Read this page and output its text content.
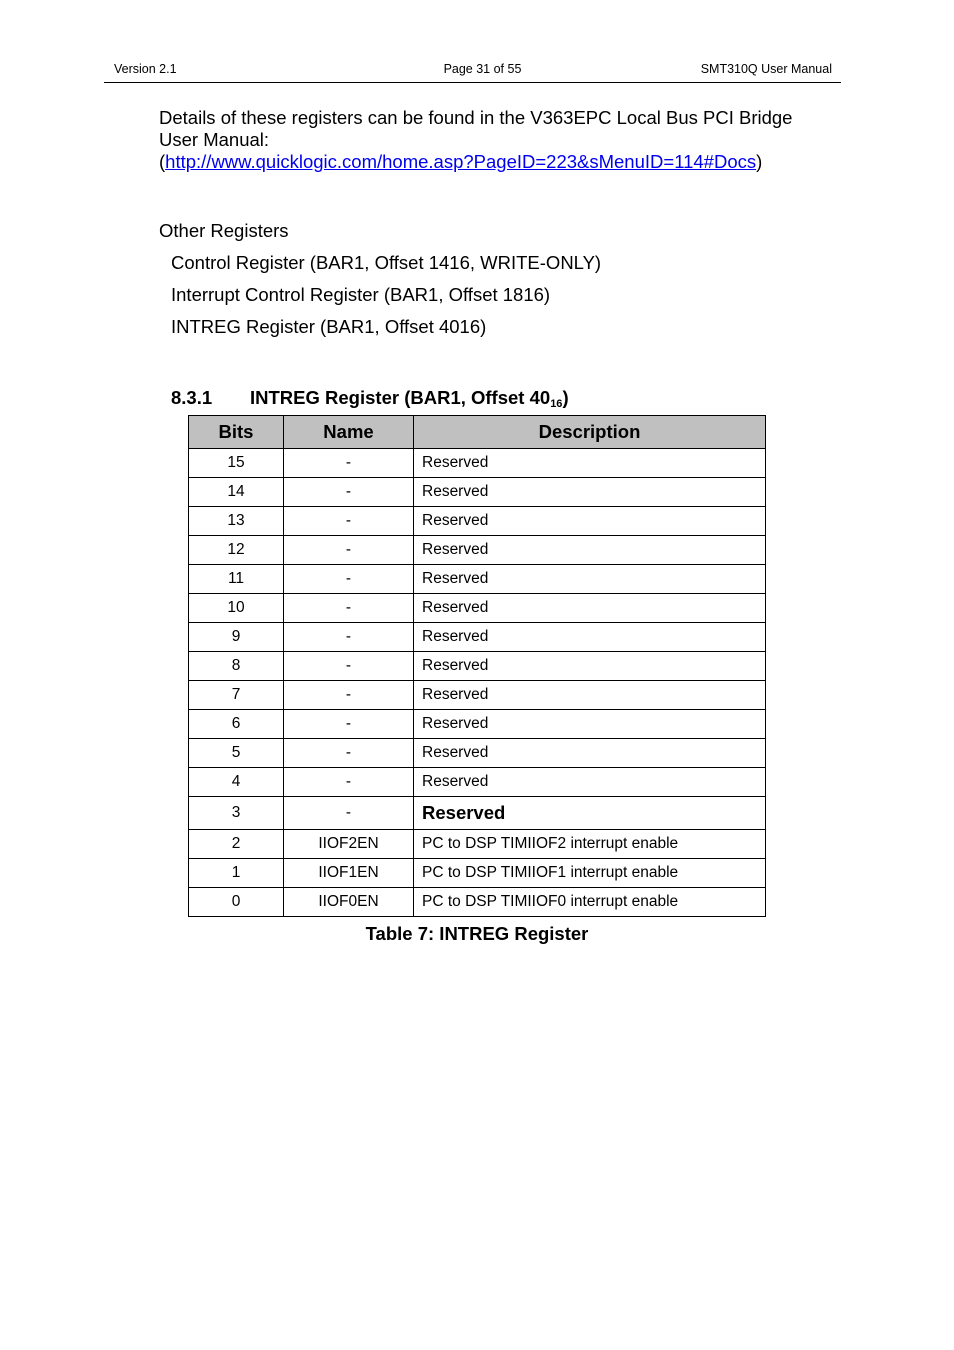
Version 2.1	Page 31 of 55	SMT310Q User Manual
Details of these registers can be found in the V363EPC Local Bus PCI Bridge
User Manual:
(http://www.quicklogic.com/home.asp?PageID=223&sMenuID=114#Docs)
Other Registers
Control Register (BAR1, Offset 1416, WRITE-ONLY)
Interrupt Control Register (BAR1, Offset 1816)
INTREG Register (BAR1, Offset 4016)
8.3.1 INTREG Register (BAR1, Offset $40_{16}$)
Bits	Name	Description
15	-	Reserved
14	-	Reserved
13	-	Reserved
12	-	Reserved
11	-	Reserved
10	-	Reserved
9	-	Reserved
8	-	Reserved
7	-	Reserved
6	-	Reserved
5	-	Reserved
4	-	Reserved
3	-	Reserved
2	IIOF2EN	PC to DSP TIMIIOF2 interrupt enable
1	IIOF1EN	PC to DSP TIMIIOF1 interrupt enable
0	IIOF0EN	PC to DSP TIMIIOF0 interrupt enable
Table 7: INTREG Register
